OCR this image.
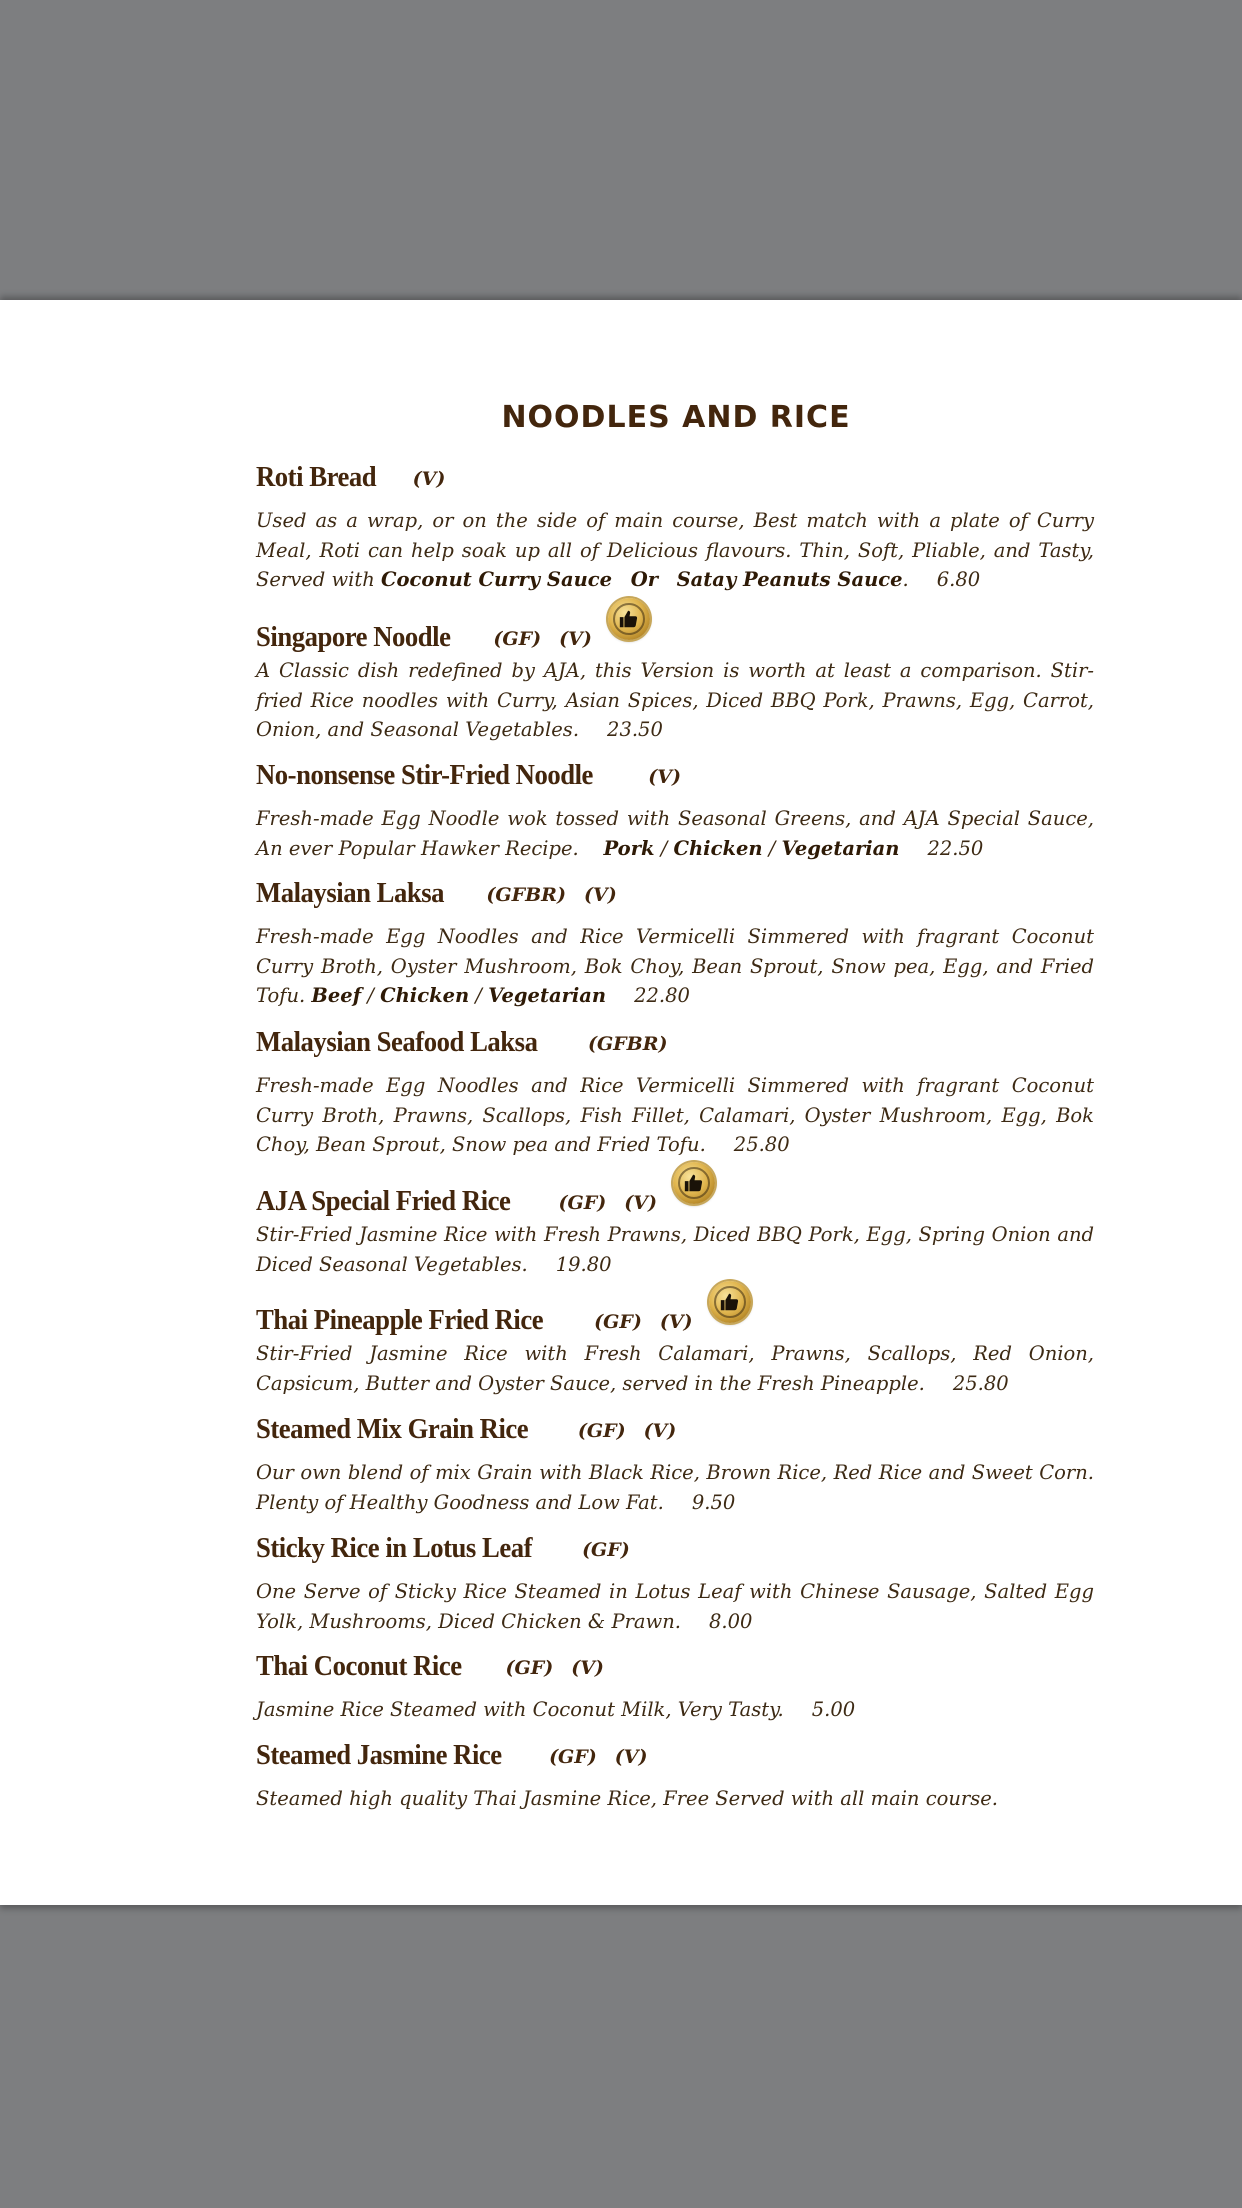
NOODLES AND RICE
Roti Bread (V)
Used as a wrap, or on the side of main course, Best match with a plate of Curry Meal, Roti can help soak up all of Delicious flavours. Thin, Soft, Pliable, and Tasty, Served with Coconut Curry Sauce Or Satay Peanuts Sauce. 6.80
Singapore Noodle (GF) (V)
A Classic dish redefined by AJA, this Version is worth at least a comparison. Stir-fried Rice noodles with Curry, Asian Spices, Diced BBQ Pork, Prawns, Egg, Carrot, Onion, and Seasonal Vegetables. 23.50
No-nonsense Stir-Fried Noodle	(V)
Fresh-made Egg Noodle wok tossed with Seasonal Greens, and AJA Special Sauce, An ever Popular Hawker Recipe. Pork / Chicken / Vegetarian 22.50
Malaysian Laksa (GFBR) (V)
Fresh-made Egg Noodles and Rice Vermicelli Simmered with fragrant Coconut Curry Broth, Oyster Mushroom, Bok Choy, Bean Sprout, Snow pea, Egg, and Fried Tofu. Beef / Chicken / Vegetarian 22.80
Malaysian Seafood Laksa	(GFBR)
Fresh-made Egg Noodles and Rice Vermicelli Simmered with fragrant Coconut Curry Broth, Prawns, Scallops, Fish Fillet, Calamari, Oyster Mushroom, Egg, Bok Choy, Bean Sprout, Snow pea and Fried Tofu. 25.80
AJA Special Fried Rice	(GF) (V)
Stir-Fried Jasmine Rice with Fresh Prawns, Diced BBQ Pork, Egg, Spring Onion and Diced Seasonal Vegetables. 19.80
Thai Pineapple Fried Rice	(GF) (V)
Stir-Fried Jasmine Rice with Fresh Calamari, Prawns, Scallops, Red Onion, Capsicum, Butter and Oyster Sauce, served in the Fresh Pineapple. 25.80
Steamed Mix Grain Rice	(GF) (V)
Our own blend of mix Grain with Black Rice, Brown Rice, Red Rice and Sweet Corn. Plenty of Healthy Goodness and Low Fat. 9.50
Sticky Rice in Lotus Leaf	(GF)
One Serve of Sticky Rice Steamed in Lotus Leaf with Chinese Sausage, Salted Egg Yolk, Mushrooms, Diced Chicken & Prawn. 8.00
Thai Coconut Rice (GF) (V)
Jasmine Rice Steamed with Coconut Milk, Very Tasty. 5.00
Steamed Jasmine Rice (GF) (V)
Steamed high quality Thai Jasmine Rice, Free Served with all main course.
